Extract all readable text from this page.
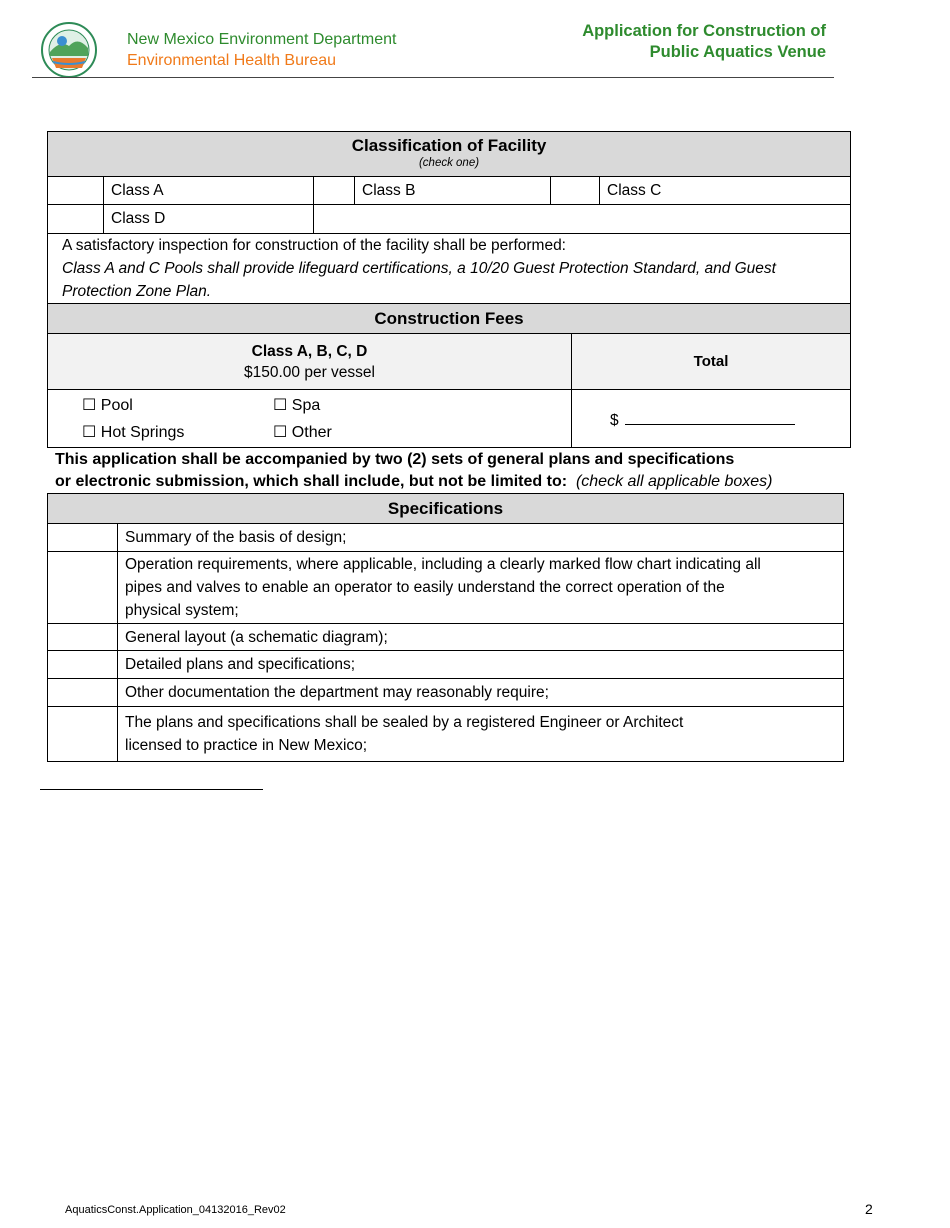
New Mexico Environment Department
Environmental Health Bureau
Application for Construction of
Public Aquatics Venue
Classification of Facility
(check one)						

	Class A		Class B			Class C
	Class D					

A satisfactory inspection for construction of the facility shall be performed:
Class A and C Pools shall provide lifeguard certifications, a 10/20 Guest Protection Standard, and Guest Protection Zone Plan.						

Construction Fees						
Class A, B, C, D
$150.00 per vessel					Total	

☐ Pool ☐ Spa
☐ Hot Springs ☐ Other					$	
This application shall be accompanied by two (2) sets of general plans and specifications
or electronic submission, which shall include, but not be limited to: (check all applicable boxes)
Specifications	
	Summary of the basis of design;
	Operation requirements, where applicable, including a clearly marked flow chart indicating all pipes and valves to enable an operator to easily understand the correct operation of the physical system;
	General layout (a schematic diagram);
	Detailed plans and specifications;
	Other documentation the department may reasonably require;
	The plans and specifications shall be sealed by a registered Engineer or Architect licensed to practice in New Mexico;
AquaticsConst.Application_04132016_Rev02	2
